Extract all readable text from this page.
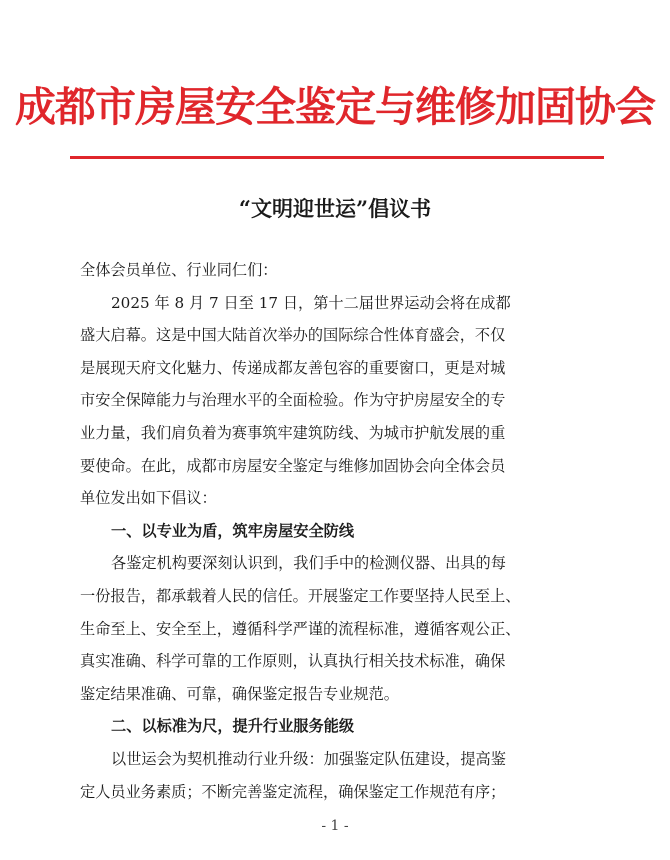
成都市房屋安全鉴定与维修加固协会
“文明迎世运”倡议书
全体会员单位、行业同仁们：
2025 年 8 月 7 日至 17 日，第十二届世界运动会将在成都
盛大启幕。这是中国大陆首次举办的国际综合性体育盛会，不仅
是展现天府文化魅力、传递成都友善包容的重要窗口，更是对城
市安全保障能力与治理水平的全面检验。作为守护房屋安全的专
业力量，我们肩负着为赛事筑牢建筑防线、为城市护航发展的重
要使命。在此，成都市房屋安全鉴定与维修加固协会向全体会员
单位发出如下倡议：
一、以专业为盾，筑牢房屋安全防线
各鉴定机构要深刻认识到，我们手中的检测仪器、出具的每
一份报告，都承载着人民的信任。开展鉴定工作要坚持人民至上、
生命至上、安全至上，遵循科学严谨的流程标准，遵循客观公正、
真实准确、科学可靠的工作原则，认真执行相关技术标准，确保
鉴定结果准确、可靠，确保鉴定报告专业规范。
二、以标准为尺，提升行业服务能级
以世运会为契机推动行业升级：加强鉴定队伍建设，提高鉴
定人员业务素质；不断完善鉴定流程，确保鉴定工作规范有序；
- 1 -
